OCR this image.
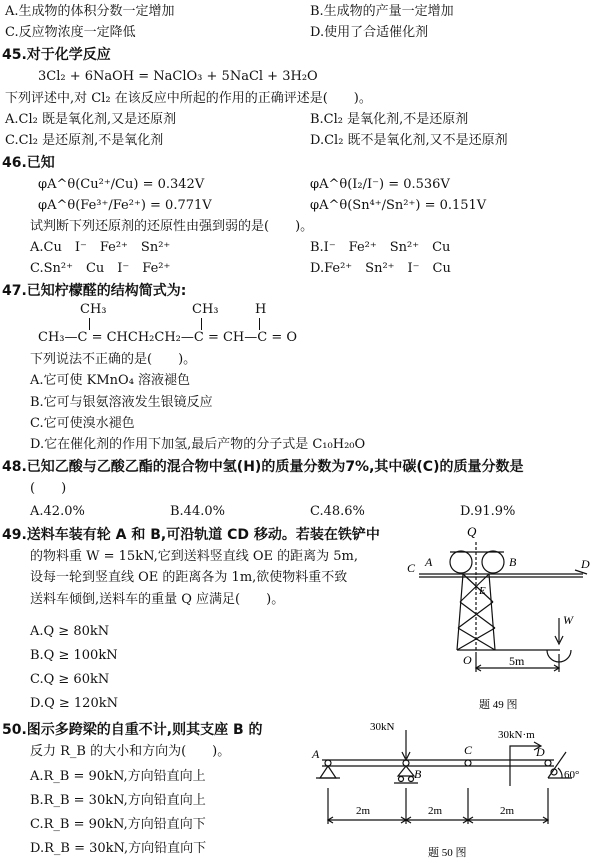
A.生成物的体积分数一定增加	B.生成物的产量一定增加
C.反应物浓度一定降低	D.使用了合适催化剂
45.对于化学反应
3Cl₂ + 6NaOH = NaClO₃ + 5NaCl + 3H₂O
下列评述中,对 Cl₂ 在该反应中所起的作用的正确评述是(　　)。
A.Cl₂ 既是氧化剂,又是还原剂	B.Cl₂ 是氧化剂,不是还原剂
C.Cl₂ 是还原剂,不是氧化剂	D.Cl₂ 既不是氧化剂,又不是还原剂
46.已知
φA^θ(Cu²⁺/Cu) = 0.342V	φA^θ(I₂/I⁻) = 0.536V
φA^θ(Fe³⁺/Fe²⁺) = 0.771V	φA^θ(Sn⁴⁺/Sn²⁺) = 0.151V
试判断下列还原剂的还原性由强到弱的是(　　)。
A.Cu　I⁻　Fe²⁺　Sn²⁺	B.I⁻　Fe²⁺　Sn²⁺　Cu
C.Sn²⁺　Cu　I⁻　Fe²⁺	D.Fe²⁺　Sn²⁺　I⁻　Cu
47.已知柠檬醛的结构简式为:
CH₃	CH₃	H
CH₃—C = CHCH₂CH₂—C = CH—C = O
下列说法不正确的是(　　)。
A.它可使 KMnO₄ 溶液褪色
B.它可与银氨溶液发生银镜反应
C.它可使溴水褪色
D.它在催化剂的作用下加氢,最后产物的分子式是 C₁₀H₂₀O
48.已知乙酸与乙酸乙酯的混合物中氢(H)的质量分数为7%,其中碳(C)的质量分数是
(　　)
A.42.0%	B.44.0%	C.48.6%	D.91.9%
49.送料车装有轮 A 和 B,可沿轨道 CD 移动。若装在铁铲中
的物料重 W = 15kN,它到送料竖直线 OE 的距离为 5m,
设每一轮到竖直线 OE 的距离各为 1m,欲使物料重不致
送料车倾倒,送料车的重量 Q 应满足(　　)。
A.Q ≥ 80kN
B.Q ≥ 100kN
C.Q ≥ 60kN
D.Q ≥ 120kN
Q
C A	B	D
E
W
O	5m
题 49 图
50.图示多跨梁的自重不计,则其支座 B 的
反力 R_B 的大小和方向为(　　)。
A.R_B = 90kN,方向铅直向上
B.R_B = 30kN,方向铅直向上
C.R_B = 90kN,方向铅直向下
D.R_B = 30kN,方向铅直向下
30kN
30kN·m
A
B
C	D
60°
2m	2m	2m
题 50 图
